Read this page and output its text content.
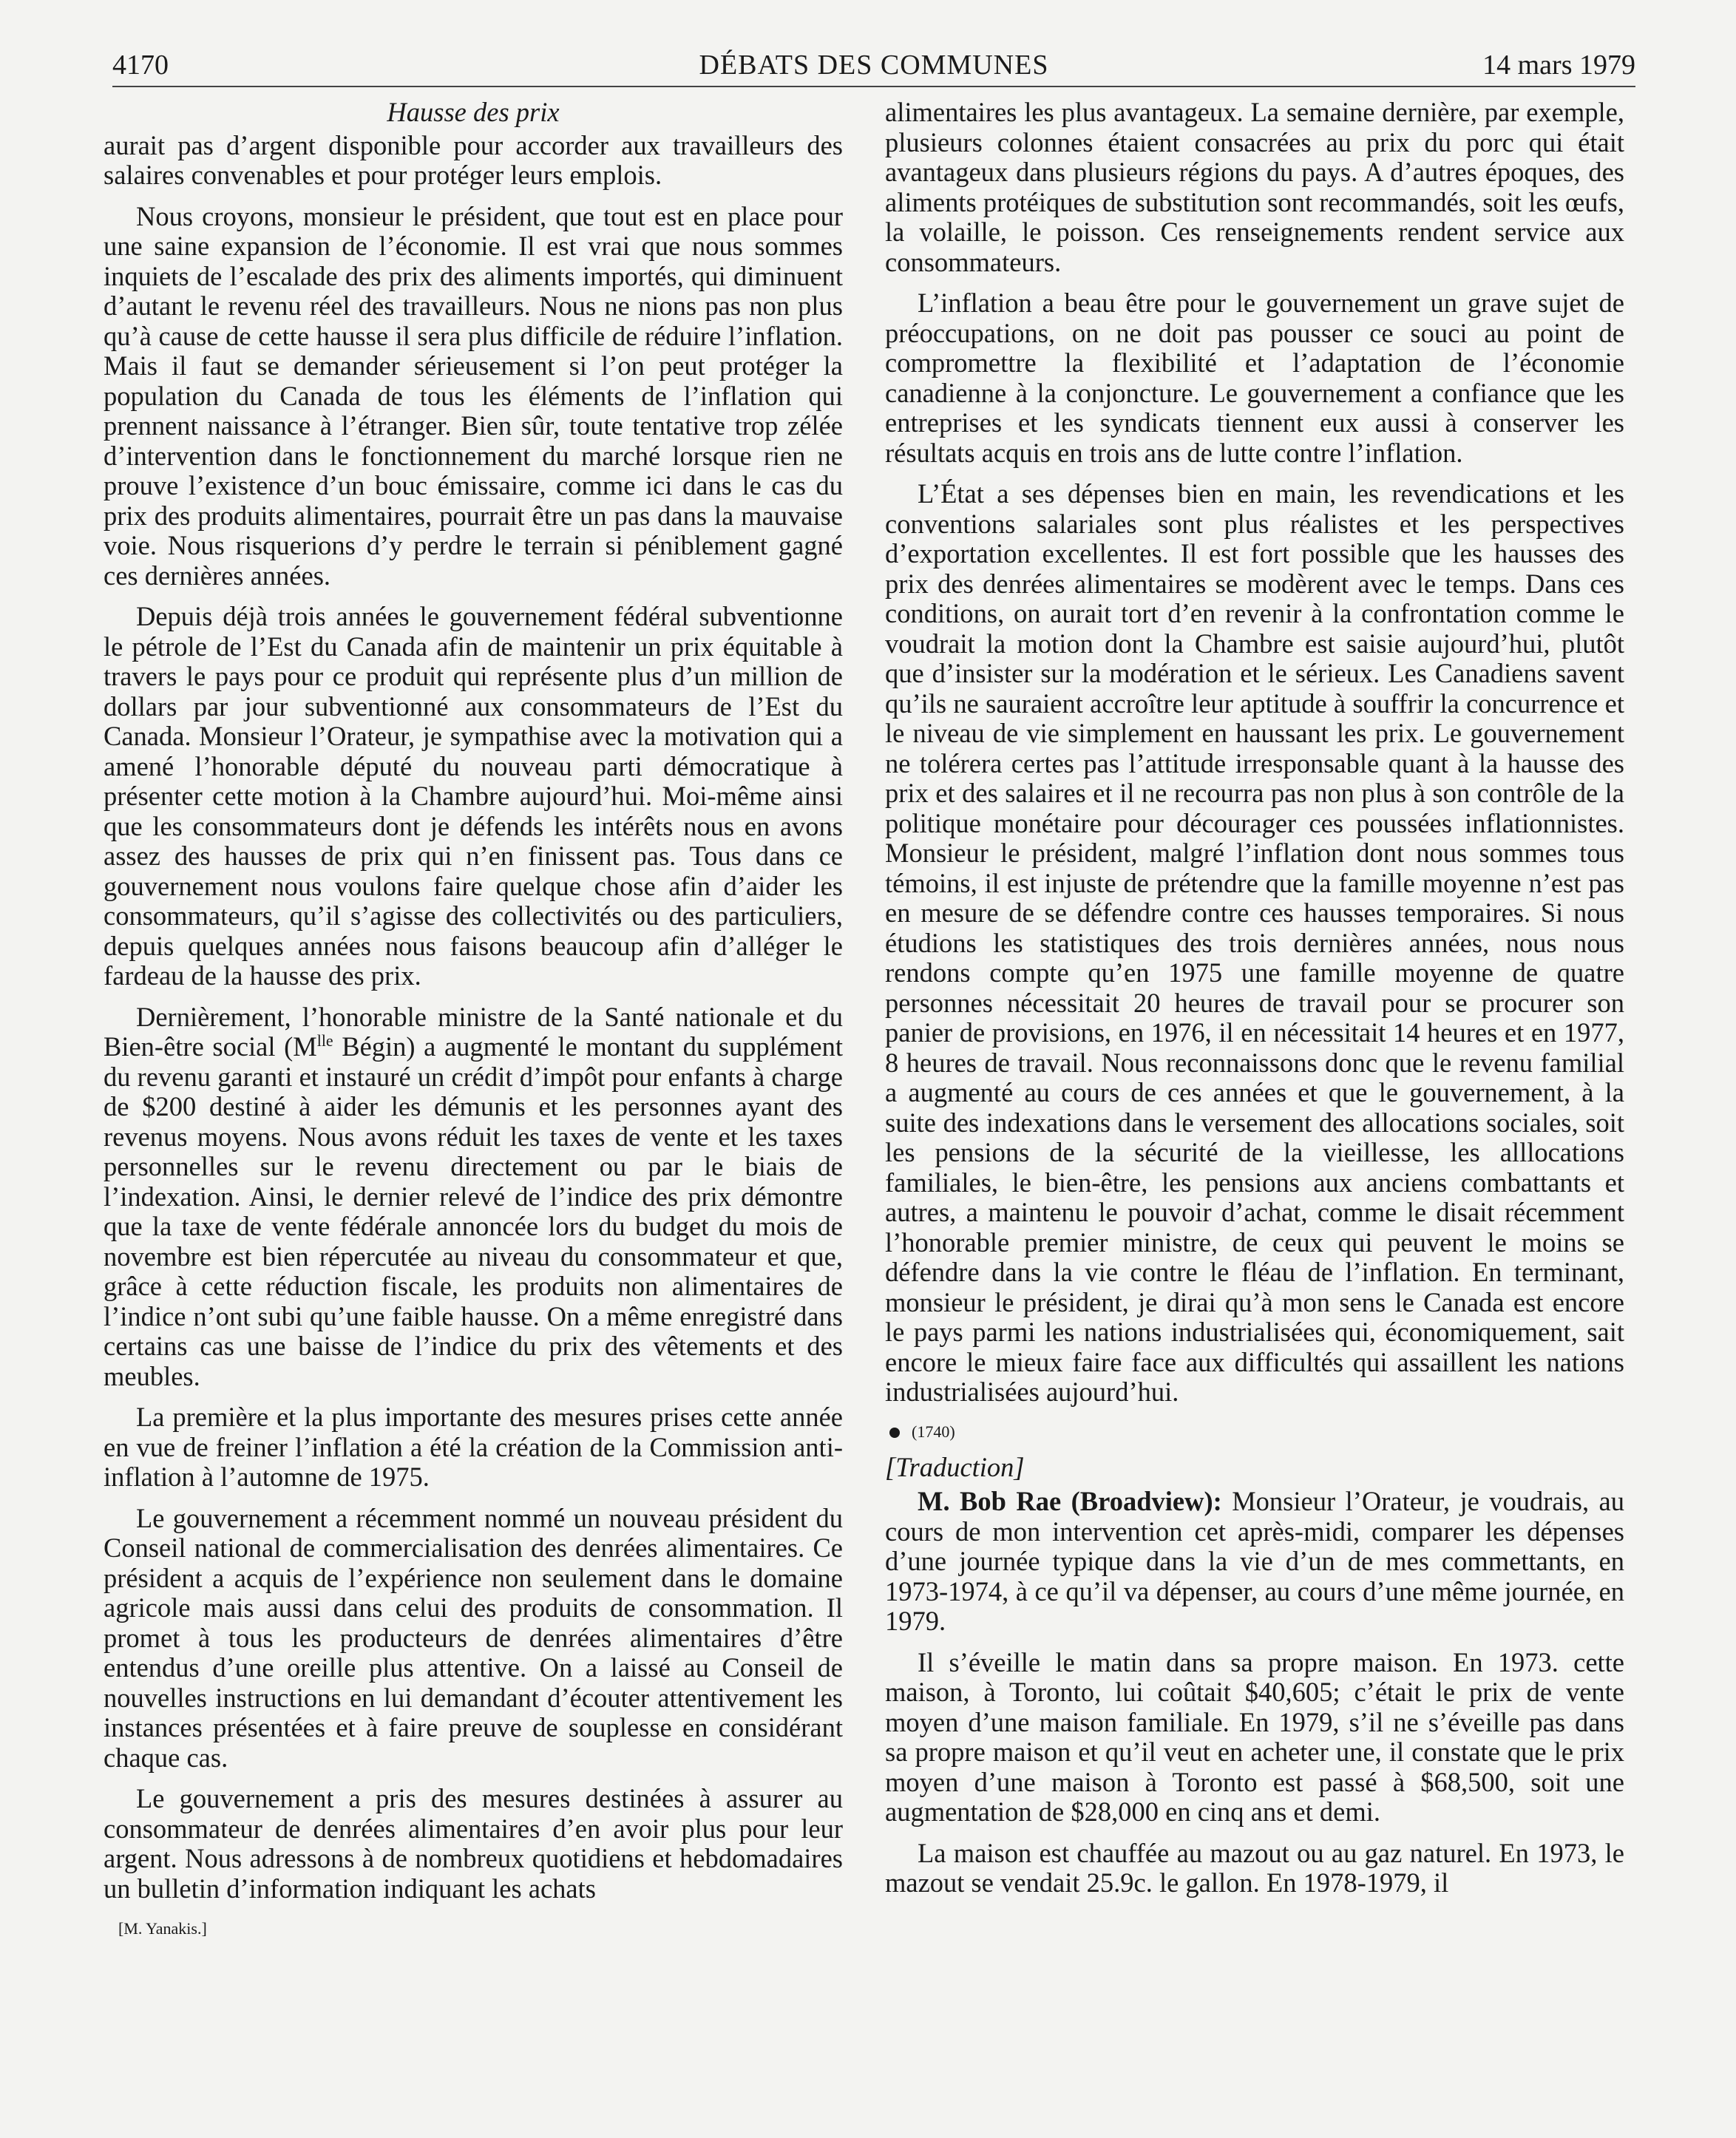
4170	DÉBATS DES COMMUNES	14 mars 1979
Hausse des prix

aurait pas d’argent disponible pour accorder aux travailleurs des salaires convenables et pour protéger leurs emplois.

Nous croyons, monsieur le président, que tout est en place pour une saine expansion de l’économie. Il est vrai que nous sommes inquiets de l’escalade des prix des aliments importés, qui diminuent d’autant le revenu réel des travailleurs. Nous ne nions pas non plus qu’à cause de cette hausse il sera plus difficile de réduire l’inflation. Mais il faut se demander sérieusement si l’on peut protéger la population du Canada de tous les éléments de l’inflation qui prennent naissance à l’étranger. Bien sûr, toute tentative trop zélée d’intervention dans le fonctionnement du marché lorsque rien ne prouve l’existence d’un bouc émissaire, comme ici dans le cas du prix des produits alimentaires, pourrait être un pas dans la mauvaise voie. Nous risquerions d’y perdre le terrain si péniblement gagné ces dernières années.

Depuis déjà trois années le gouvernement fédéral subventionne le pétrole de l’Est du Canada afin de maintenir un prix équitable à travers le pays pour ce produit qui représente plus d’un million de dollars par jour subventionné aux consommateurs de l’Est du Canada. Monsieur l’Orateur, je sympathise avec la motivation qui a amené l’honorable député du nouveau parti démocratique à présenter cette motion à la Chambre aujourd’hui. Moi-même ainsi que les consommateurs dont je défends les intérêts nous en avons assez des hausses de prix qui n’en finissent pas. Tous dans ce gouvernement nous voulons faire quelque chose afin d’aider les consommateurs, qu’il s’agisse des collectivités ou des particuliers, depuis quelques années nous faisons beaucoup afin d’alléger le fardeau de la hausse des prix.

Dernièrement, l’honorable ministre de la Santé nationale et du Bien-être social ($M^{lle}$ Bégin) a augmenté le montant du supplément du revenu garanti et instauré un crédit d’impôt pour enfants à charge de $200 destiné à aider les démunis et les personnes ayant des revenus moyens. Nous avons réduit les taxes de vente et les taxes personnelles sur le revenu directement ou par le biais de l’indexation. Ainsi, le dernier relevé de l’indice des prix démontre que la taxe de vente fédérale annoncée lors du budget du mois de novembre est bien répercutée au niveau du consommateur et que, grâce à cette réduction fiscale, les produits non alimentaires de l’indice n’ont subi qu’une faible hausse. On a même enregistré dans certains cas une baisse de l’indice du prix des vêtements et des meubles.

La première et la plus importante des mesures prises cette année en vue de freiner l’inflation a été la création de la Commission anti-inflation à l’automne de 1975.

Le gouvernement a récemment nommé un nouveau président du Conseil national de commercialisation des denrées alimentaires. Ce président a acquis de l’expérience non seulement dans le domaine agricole mais aussi dans celui des produits de consommation. Il promet à tous les producteurs de denrées alimentaires d’être entendus d’une oreille plus attentive. On a laissé au Conseil de nouvelles instructions en lui demandant d’écouter attentivement les instances présentées et à faire preuve de souplesse en considérant chaque cas.

Le gouvernement a pris des mesures destinées à assurer au consommateur de denrées alimentaires d’en avoir plus pour leur argent. Nous adressons à de nombreux quotidiens et hebdomadaires un bulletin d’information indiquant les achats

[M. Yanakis.]

alimentaires les plus avantageux. La semaine dernière, par exemple, plusieurs colonnes étaient consacrées au prix du porc qui était avantageux dans plusieurs régions du pays. A d’autres époques, des aliments protéiques de substitution sont recommandés, soit les œufs, la volaille, le poisson. Ces renseignements rendent service aux consommateurs.

L’inflation a beau être pour le gouvernement un grave sujet de préoccupations, on ne doit pas pousser ce souci au point de compromettre la flexibilité et l’adaptation de l’économie canadienne à la conjoncture. Le gouvernement a confiance que les entreprises et les syndicats tiennent eux aussi à conserver les résultats acquis en trois ans de lutte contre l’inflation.

L’État a ses dépenses bien en main, les revendications et les conventions salariales sont plus réalistes et les perspectives d’exportation excellentes. Il est fort possible que les hausses des prix des denrées alimentaires se modèrent avec le temps. Dans ces conditions, on aurait tort d’en revenir à la confrontation comme le voudrait la motion dont la Chambre est saisie aujourd’hui, plutôt que d’insister sur la modération et le sérieux. Les Canadiens savent qu’ils ne sauraient accroître leur aptitude à souffrir la concurrence et le niveau de vie simplement en haussant les prix. Le gouvernement ne tolérera certes pas l’attitude irresponsable quant à la hausse des prix et des salaires et il ne recourra pas non plus à son contrôle de la politique monétaire pour décourager ces poussées inflationnistes. Monsieur le président, malgré l’inflation dont nous sommes tous témoins, il est injuste de prétendre que la famille moyenne n’est pas en mesure de se défendre contre ces hausses temporaires. Si nous étudions les statistiques des trois dernières années, nous nous rendons compte qu’en 1975 une famille moyenne de quatre personnes nécessitait 20 heures de travail pour se procurer son panier de provisions, en 1976, il en nécessitait 14 heures et en 1977, 8 heures de travail. Nous reconnaissons donc que le revenu familial a augmenté au cours de ces années et que le gouvernement, à la suite des indexations dans le versement des allocations sociales, soit les pensions de la sécurité de la vieillesse, les alllocations familiales, le bien-être, les pensions aux anciens combattants et autres, a maintenu le pouvoir d’achat, comme le disait récemment l’honorable premier ministre, de ceux qui peuvent le moins se défendre dans la vie contre le fléau de l’inflation. En terminant, monsieur le président, je dirai qu’à mon sens le Canada est encore le pays parmi les nations industrialisées qui, économiquement, sait encore le mieux faire face aux difficultés qui assaillent les nations industrialisées aujourd’hui.

(1740)
[Traduction]

M. Bob Rae (Broadview): Monsieur l’Orateur, je voudrais, au cours de mon intervention cet après-midi, comparer les dépenses d’une journée typique dans la vie d’un de mes commettants, en 1973-1974, à ce qu’il va dépenser, au cours d’une même journée, en 1979.

Il s’éveille le matin dans sa propre maison. En 1973. cette maison, à Toronto, lui coûtait $40,605; c’était le prix de vente moyen d’une maison familiale. En 1979, s’il ne s’éveille pas dans sa propre maison et qu’il veut en acheter une, il constate que le prix moyen d’une maison à Toronto est passé à $68,500, soit une augmentation de $28,000 en cinq ans et demi.

La maison est chauffée au mazout ou au gaz naturel. En 1973, le mazout se vendait 25.9c. le gallon. En 1978-1979, il
